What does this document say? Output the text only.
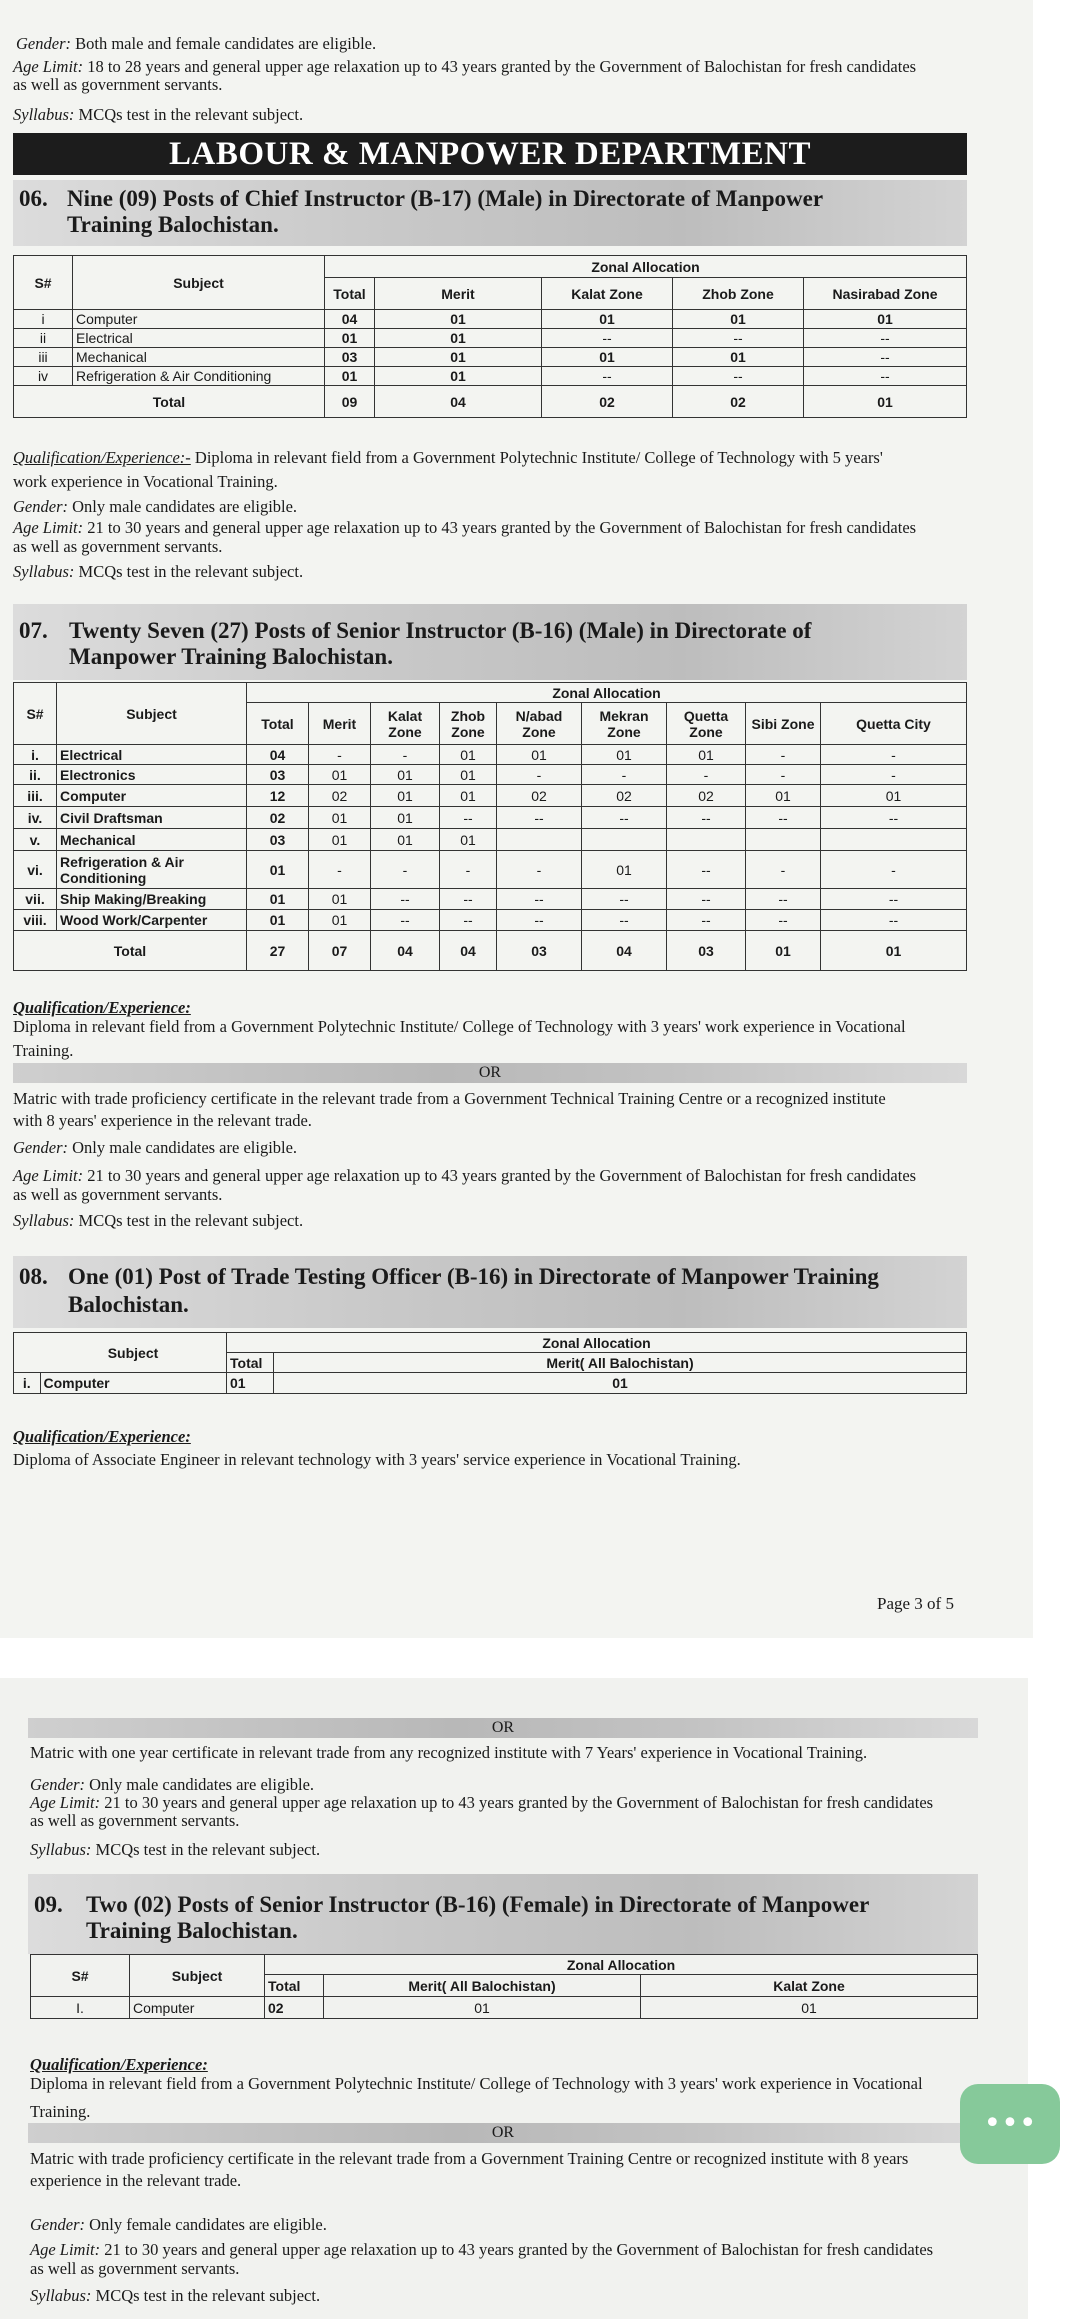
Gender: Both male and female candidates are eligible.
Age Limit: 18 to 28 years and general upper age relaxation up to 43 years granted by the Government of Balochistan for fresh candidates
as well as government servants.
Syllabus: MCQs test in the relevant subject.
LABOUR & MANPOWER DEPARTMENT
06. Nine (09) Posts of Chief Instructor (B-17) (Male) in Directorate of Manpower
Training Balochistan.
S#	Subject	Zonal Allocation				
		Total	Merit	Kalat Zone	Zhob Zone	Nasirabad Zone
i	Computer	04	01	01	01	01
ii	Electrical	01	01	--	--	--
iii	Mechanical	03	01	01	01	--
iv	Refrigeration & Air Conditioning	01	01	--	--	--
Total		09	04	02	02	01
Qualification/Experience:- Diploma in relevant field from a Government Polytechnic Institute/ College of Technology with 5 years'
work experience in Vocational Training.
Gender: Only male candidates are eligible.
Age Limit: 21 to 30 years and general upper age relaxation up to 43 years granted by the Government of Balochistan for fresh candidates
as well as government servants.
Syllabus: MCQs test in the relevant subject.
07. Twenty Seven (27) Posts of Senior Instructor (B-16) (Male) in Directorate of
Manpower Training Balochistan.
S#	Subject	Zonal Allocation								
		Total	Merit	Kalat Zone	Zhob Zone	N/abad Zone	Mekran Zone	Quetta Zone	Sibi Zone	Quetta City
i.	Electrical	04	-	-	01	01	01	01	-	-
ii.	Electronics	03	01	01	01	-	-	-	-	-
iii.	Computer	12	02	01	01	02	02	02	01	01
iv.	Civil Draftsman	02	01	01	--	--	--	--	--	--
v.	Mechanical	03	01	01	01					
vi.	Refrigeration & Air Conditioning	01	-	-	-	-	01	--	-	-
vii.	Ship Making/Breaking	01	01	--	--	--	--	--	--	--
viii.	Wood Work/Carpenter	01	01	--	--	--	--	--	--	--
Total		27	07	04	04	03	04	03	01	01
Qualification/Experience:
Diploma in relevant field from a Government Polytechnic Institute/ College of Technology with 3 years' work experience in Vocational
Training.
OR
Matric with trade proficiency certificate in the relevant trade from a Government Technical Training Centre or a recognized institute
with 8 years' experience in the relevant trade.
Gender: Only male candidates are eligible.
Age Limit: 21 to 30 years and general upper age relaxation up to 43 years granted by the Government of Balochistan for fresh candidates
as well as government servants.
Syllabus: MCQs test in the relevant subject.
08. One (01) Post of Trade Testing Officer (B-16) in Directorate of Manpower Training
Balochistan.
	Subject	Zonal Allocation	
		Total	Merit( All Balochistan)
i.	Computer	01	01
Qualification/Experience:
Diploma of Associate Engineer in relevant technology with 3 years' service experience in Vocational Training.
Page 3 of 5
OR
Matric with one year certificate in relevant trade from any recognized institute with 7 Years' experience in Vocational Training.
Gender: Only male candidates are eligible.
Age Limit: 21 to 30 years and general upper age relaxation up to 43 years granted by the Government of Balochistan for fresh candidates
as well as government servants.
Syllabus: MCQs test in the relevant subject.
09. Two (02) Posts of Senior Instructor (B-16) (Female) in Directorate of Manpower
Training Balochistan.
S#	Subject	Zonal Allocation		
		Total	Merit( All Balochistan)	Kalat Zone
I.	Computer	02	01	01
Qualification/Experience:
Diploma in relevant field from a Government Polytechnic Institute/ College of Technology with 3 years' work experience in Vocational
Training.
OR
Matric with trade proficiency certificate in the relevant trade from a Government Training Centre or recognized institute with 8 years
experience in the relevant trade.
Gender: Only female candidates are eligible.
Age Limit: 21 to 30 years and general upper age relaxation up to 43 years granted by the Government of Balochistan for fresh candidates
as well as government servants.
Syllabus: MCQs test in the relevant subject.
•••
